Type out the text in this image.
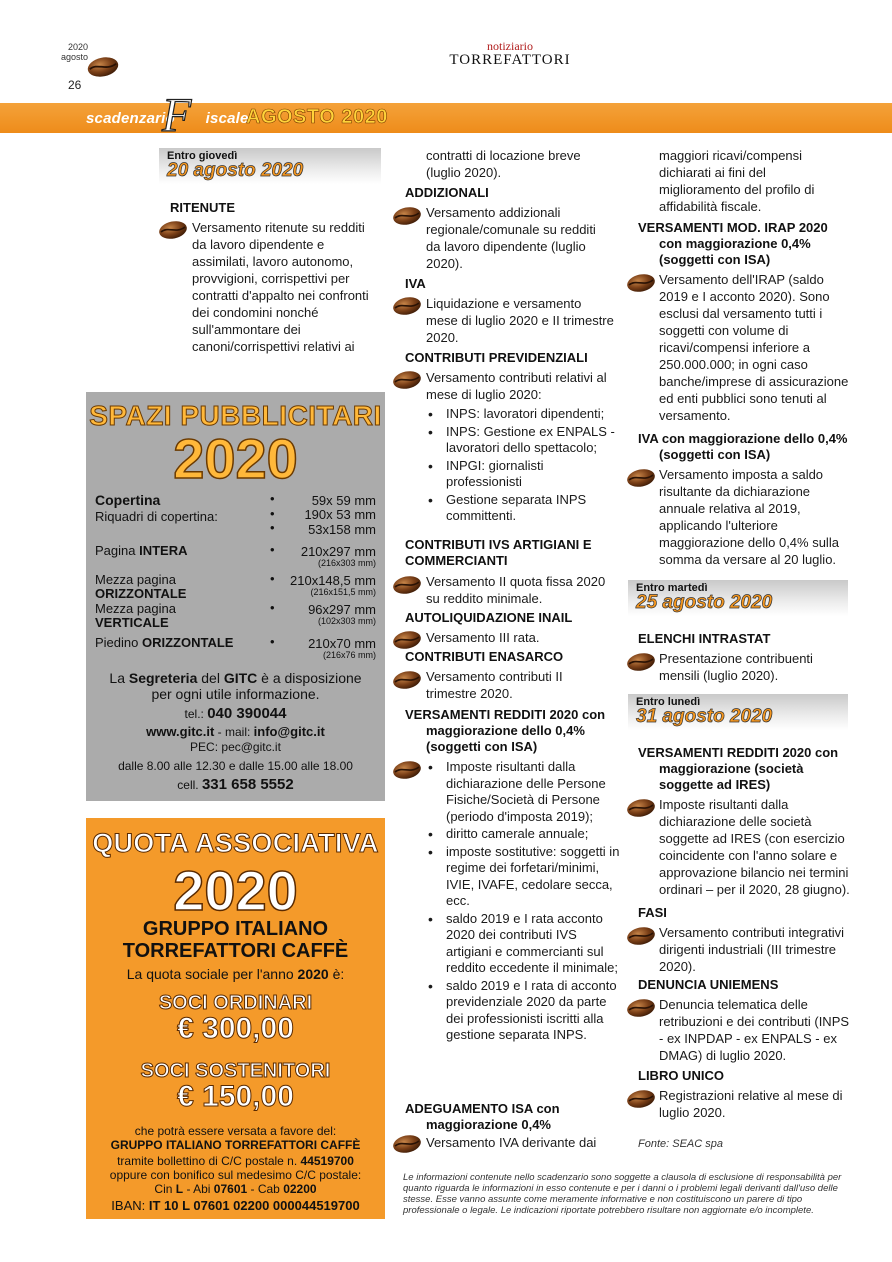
2020
agosto
26
notiziario
TORREFATTORI
scadenzario iscale ·
F	AGOSTO 2020
Entro giovedì
20 agosto 2020
RITENUTE
Versamento ritenute su redditi
da lavoro dipendente e
assimilati, lavoro autonomo,
provvigioni, corrispettivi per
contratti d'appalto nei confronti
dei condomini nonché
sull'ammontare dei
canoni/corrispettivi relativi ai
SPAZI PUBBLICITARI
2020
Copertina	•	59x 59 mm
Riquadri di copertina:	•	190x 53 mm
•	53x158 mm
Pagina INTERA	•	210x297 mm
(216x303 mm)
Mezza pagina
ORIZZONTALE
•	210x148,5 mm
(216x151,5 mm)
Mezza pagina
VERTICALE
•	96x297 mm
(102x303 mm)
Piedino ORIZZONTALE	•	210x70 mm
(216x76 mm)
La Segreteria del GITC è a disposizione
per ogni utile informazione.
tel.: 040 390044
www.gitc.it - mail: info@gitc.it
PEC: pec@gitc.it
dalle 8.00 alle 12.30 e dalle 15.00 alle 18.00
cell. 331 658 5552
QUOTA ASSOCIATIVA
2020
GRUPPO ITALIANO
TORREFATTORI CAFFÈ
La quota sociale per l'anno 2020 è:
SOCI ORDINARI
€ 300,00
SOCI SOSTENITORI
€ 150,00
che potrà essere versata a favore del:
GRUPPO ITALIANO TORREFATTORI CAFFÈ
tramite bollettino di C/C postale n. 44519700
oppure con bonifico sul medesimo C/C postale:
Cin L - Abi 07601 - Cab 02200
IBAN: IT 10 L 07601 02200 000044519700
contratti di locazione breve
(luglio 2020).
ADDIZIONALI
Versamento addizionali
regionale/comunale su redditi
da lavoro dipendente (luglio
2020).
IVA
Liquidazione e versamento
mese di luglio 2020 e II trimestre
2020.
CONTRIBUTI PREVIDENZIALI
Versamento contributi relativi al
mese di luglio 2020:
• INPS: lavoratori dipendenti;
• INPS: Gestione ex ENPALS - lavoratori dello spettacolo;
• INPGI: giornalisti professionisti
• Gestione separata INPS committenti.
CONTRIBUTI IVS ARTIGIANI E
COMMERCIANTI
Versamento II quota fissa 2020
su reddito minimale.
AUTOLIQUIDAZIONE INAIL
Versamento III rata.
CONTRIBUTI ENASARCO
Versamento contributi II
trimestre 2020.
VERSAMENTI REDDITI 2020 con
maggiorazione dello 0,4%
(soggetti con ISA)
• Imposte risultanti dalla dichiarazione delle Persone Fisiche/Società di Persone (periodo d'imposta 2019);
• diritto camerale annuale;
• imposte sostitutive: soggetti in regime dei forfetari/minimi, IVIE, IVAFE, cedolare secca, ecc.
• saldo 2019 e I rata acconto 2020 dei contributi IVS artigiani e commercianti sul reddito eccedente il minimale;
• saldo 2019 e I rata di acconto previdenziale 2020 da parte dei professionisti iscritti alla gestione separata INPS.
ADEGUAMENTO ISA con
maggiorazione 0,4%
Versamento IVA derivante dai
maggiori ricavi/compensi
dichiarati ai fini del
miglioramento del profilo di
affidabilità fiscale.
VERSAMENTI MOD. IRAP 2020
con maggiorazione 0,4%
(soggetti con ISA)
Versamento dell'IRAP (saldo
2019 e I acconto 2020). Sono
esclusi dal versamento tutti i
soggetti con volume di
ricavi/compensi inferiore a
250.000.000; in ogni caso
banche/imprese di assicurazione
ed enti pubblici sono tenuti al
versamento.
IVA con maggiorazione dello 0,4%
(soggetti con ISA)
Versamento imposta a saldo
risultante da dichiarazione
annuale relativa al 2019,
applicando l'ulteriore
maggiorazione dello 0,4% sulla
somma da versare al 20 luglio.
Entro martedì
25 agosto 2020
ELENCHI INTRASTAT
Presentazione contribuenti
mensili (luglio 2020).
Entro lunedì
31 agosto 2020
VERSAMENTI REDDITI 2020 con
maggiorazione (società
soggette ad IRES)
Imposte risultanti dalla
dichiarazione delle società
soggette ad IRES (con esercizio
coincidente con l'anno solare e
approvazione bilancio nei termini
ordinari – per il 2020, 28 giugno).
FASI
Versamento contributi integrativi
dirigenti industriali (III trimestre
2020).
DENUNCIA UNIEMENS
Denuncia telematica delle
retribuzioni e dei contributi (INPS
- ex INPDAP - ex ENPALS - ex
DMAG) di luglio 2020.
LIBRO UNICO
Registrazioni relative al mese di
luglio 2020.
Fonte: SEAC spa
Le informazioni contenute nello scadenzario sono soggette a clausola di esclusione di responsabilità per quanto riguarda le informazioni in esso contenute e per i danni o i problemi legali derivanti dall'uso delle stesse. Esse vanno assunte come meramente informative e non costituiscono un parere di tipo professionale o legale. Le indicazioni riportate potrebbero risultare non aggiornate e/o incomplete.
